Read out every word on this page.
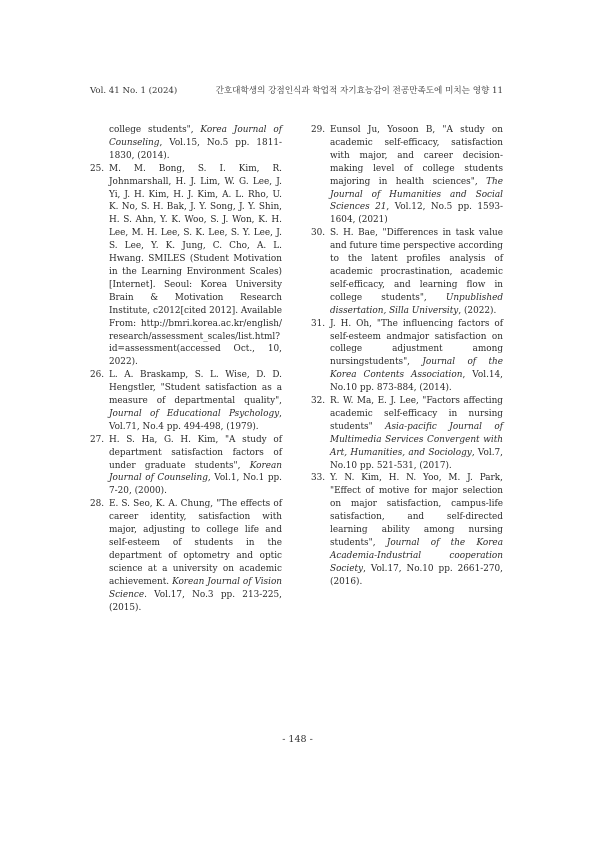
Vol. 41 No. 1 (2024)	간호대학생의 강점인식과 학업적 자기효능감이 전공만족도에 미치는 영향 11
college students", Korea Journal of Counseling, Vol.15, No.5 pp. 1811-1830, (2014).
25. M. M. Bong, S. I. Kim, R. Johnmarshall, H. J. Lim, W. G. Lee, J. Yi, J. H. Kim, H. J. Kim, A. L. Rho, U. K. No, S. H. Bak, J. Y. Song, J. Y. Shin, H. S. Ahn, Y. K. Woo, S. J. Won, K. H. Lee, M. H. Lee, S. K. Lee, S. Y. Lee, J. S. Lee, Y. K. Jung, C. Cho, A. L. Hwang. SMILES (Student Motivation in the Learning Environment Scales) [Internet]. Seoul: Korea University Brain & Motivation Research Institute, c2012[cited 2012]. Available From: http://bmri.korea.ac.kr/english/research/assessment_scales/list.html?id=assessment(accessed Oct., 10, 2022).
26. L. A. Braskamp, S. L. Wise, D. D. Hengstler, "Student satisfaction as a measure of departmental quality", Journal of Educational Psychology, Vol.71, No.4 pp. 494-498, (1979).
27. H. S. Ha, G. H. Kim, "A study of department satisfaction factors of under graduate students", Korean Journal of Counseling, Vol.1, No.1 pp. 7-20, (2000).
28. E. S. Seo, K. A. Chung, "The effects of career identity, satisfaction with major, adjusting to college life and self-esteem of students in the department of optometry and optic science at a university on academic achievement. Korean Journal of Vision Science. Vol.17, No.3 pp. 213-225, (2015).
29. Eunsol Ju, Yosoon B, "A study on academic self-efficacy, satisfaction with major, and career decision-making level of college students majoring in health sciences", The Journal of Humanities and Social Sciences 21, Vol.12, No.5 pp. 1593-1604, (2021)
30. S. H. Bae, "Differences in task value and future time perspective according to the latent profiles analysis of academic procrastination, academic self-efficacy, and learning flow in college students", Unpublished dissertation, Silla University, (2022).
31. J. H. Oh, "The influencing factors of self-esteem andmajor satisfaction on college adjustment among nursingstudents", Journal of the Korea Contents Association, Vol.14, No.10 pp. 873-884, (2014).
32. R. W. Ma, E. J. Lee, "Factors affecting academic self-efficacy in nursing students" Asia-pacific Journal of Multimedia Services Convergent with Art, Humanities, and Sociology, Vol.7, No.10 pp. 521-531, (2017).
33. Y. N. Kim, H. N. Yoo, M. J. Park, "Effect of motive for major selection on major satisfaction, campus-life satisfaction, and self-directed learning ability among nursing students", Journal of the Korea Academia-Industrial cooperation Society, Vol.17, No.10 pp. 2661-270, (2016).
- 148 -
